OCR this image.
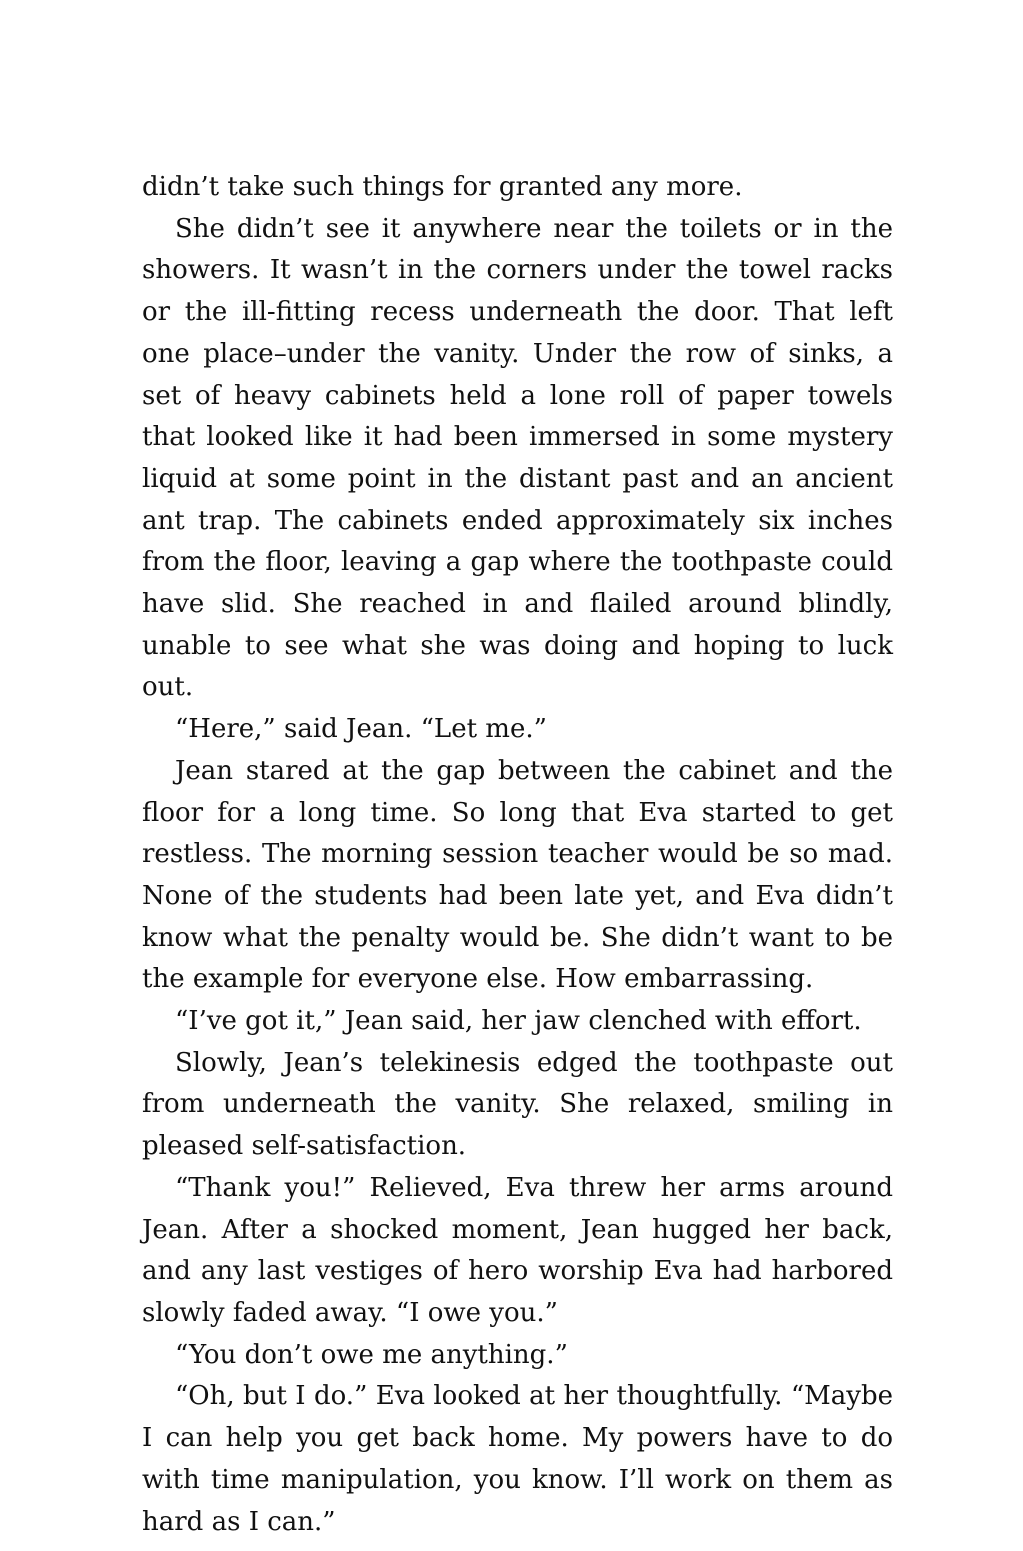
didn’t take such things for granted any more.

She didn’t see it anywhere near the toilets or in the showers. It wasn’t in the corners under the towel racks or the ill-fitting recess underneath the door. That left one place–under the vanity. Under the row of sinks, a set of heavy cabinets held a lone roll of paper towels that looked like it had been immersed in some mystery liquid at some point in the distant past and an ancient ant trap. The cabinets ended approximately six inches from the floor, leaving a gap where the toothpaste could have slid. She reached in and flailed around blindly, unable to see what she was doing and hoping to luck out.

“Here,” said Jean. “Let me.”

Jean stared at the gap between the cabinet and the floor for a long time. So long that Eva started to get restless. The morning session teacher would be so mad. None of the students had been late yet, and Eva didn’t know what the penalty would be. She didn’t want to be the example for everyone else. How embarrassing.

“I’ve got it,” Jean said, her jaw clenched with effort.

Slowly, Jean’s telekinesis edged the toothpaste out from underneath the vanity. She relaxed, smiling in pleased self-satisfaction.

“Thank you!” Relieved, Eva threw her arms around Jean. After a shocked moment, Jean hugged her back, and any last vestiges of hero worship Eva had harbored slowly faded away. “I owe you.”

“You don’t owe me anything.”

“Oh, but I do.” Eva looked at her thoughtfully. “Maybe I can help you get back home. My powers have to do with time manipulation, you know. I’ll work on them as hard as I can.”
